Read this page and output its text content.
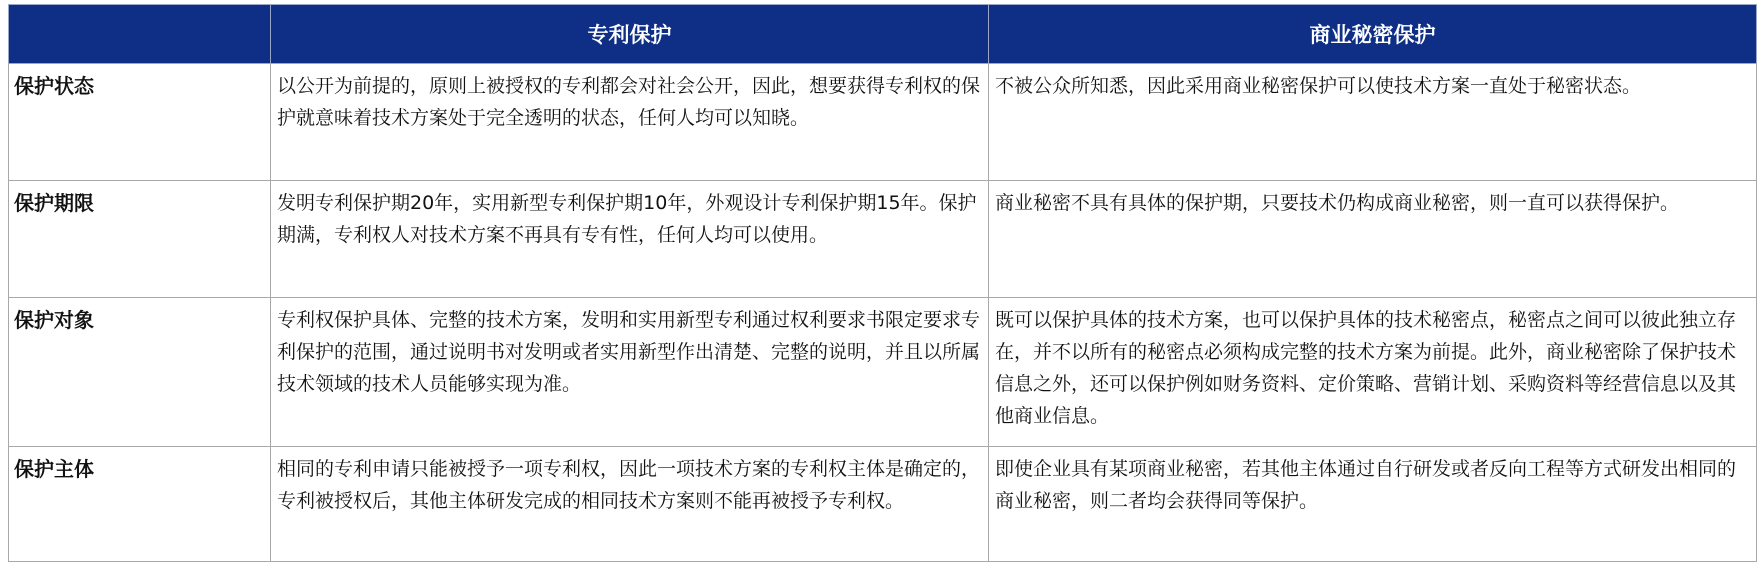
	专利保护	商业秘密保护
保护状态	以公开为前提的，原则上被授权的专利都会对社会公开，因此，想要获得专利权的保护就意味着技术方案处于完全透明的状态，任何人均可以知晓。	不被公众所知悉，因此采用商业秘密保护可以使技术方案一直处于秘密状态。
保护期限	发明专利保护期20年，实用新型专利保护期10年，外观设计专利保护期15年。保护期满，专利权人对技术方案不再具有专有性，任何人均可以使用。	商业秘密不具有具体的保护期，只要技术仍构成商业秘密，则一直可以获得保护。
保护对象	专利权保护具体、完整的技术方案，发明和实用新型专利通过权利要求书限定要求专利保护的范围，通过说明书对发明或者实用新型作出清楚、完整的说明，并且以所属技术领域的技术人员能够实现为准。	既可以保护具体的技术方案，也可以保护具体的技术秘密点，秘密点之间可以彼此独立存在，并不以所有的秘密点必须构成完整的技术方案为前提。此外，商业秘密除了保护技术信息之外，还可以保护例如财务资料、定价策略、营销计划、采购资料等经营信息以及其他商业信息。
保护主体	相同的专利申请只能被授予一项专利权，因此一项技术方案的专利权主体是确定的，专利被授权后，其他主体研发完成的相同技术方案则不能再被授予专利权。	即使企业具有某项商业秘密，若其他主体通过自行研发或者反向工程等方式研发出相同的商业秘密，则二者均会获得同等保护。
